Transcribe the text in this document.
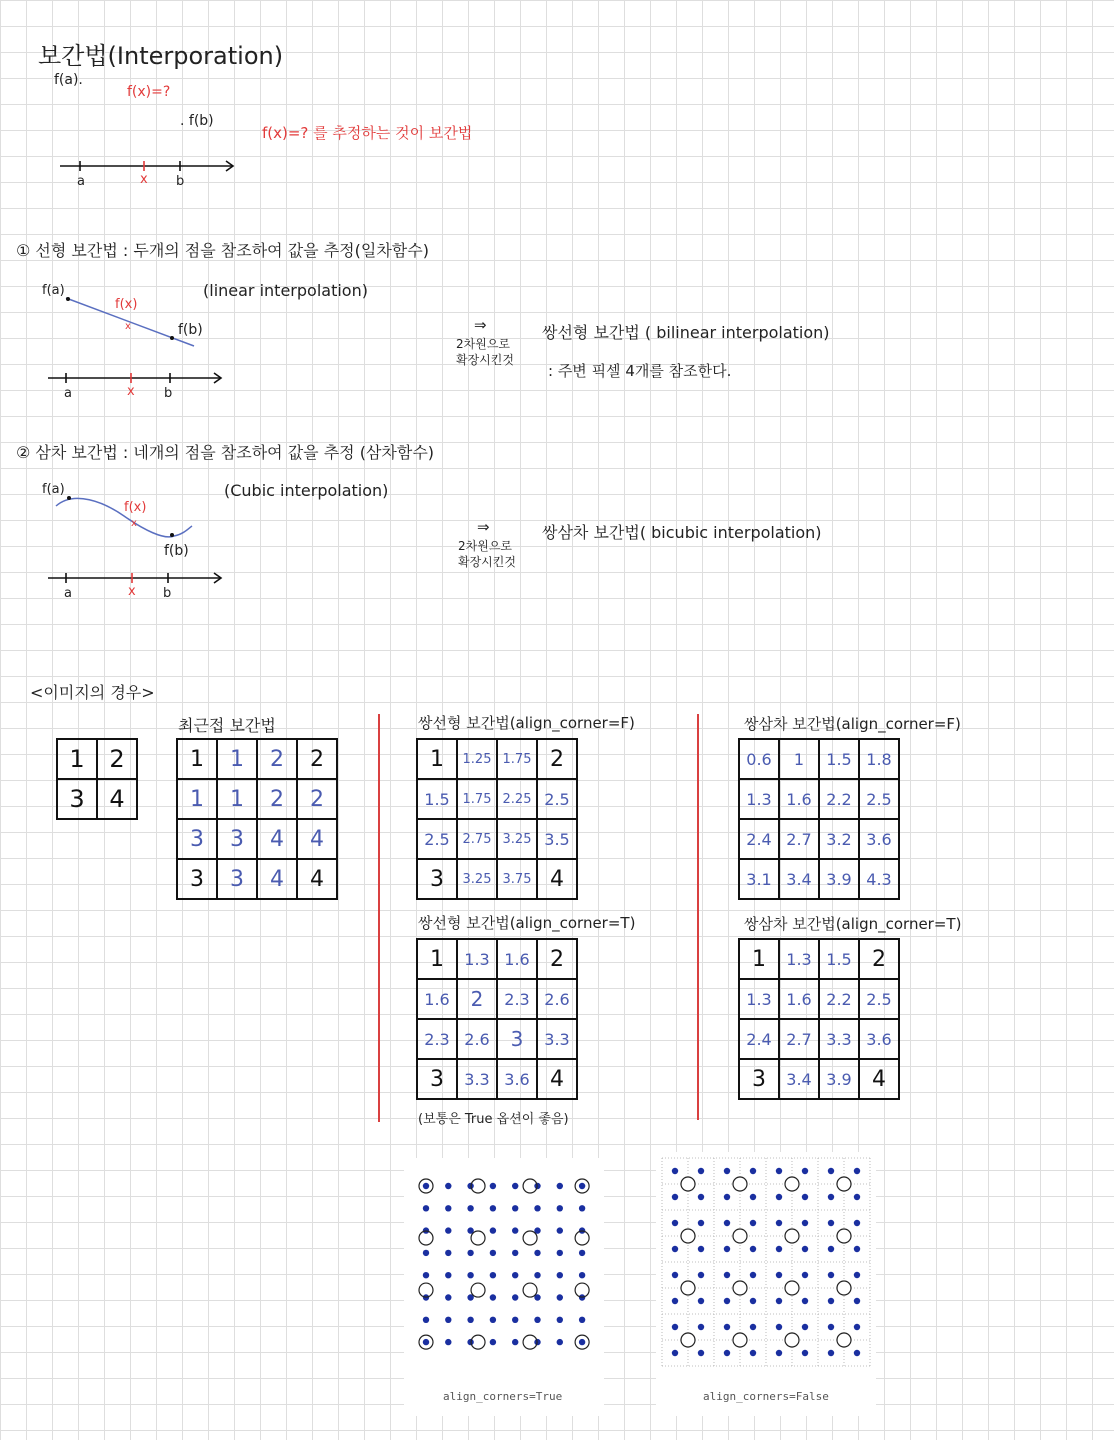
보간법(Interporation)
f(a).
f(x)=?
. f(b)
f(x)=? 를 추정하는 것이 보간법
a	x b
① 선형 보간법 : 두개의 점을 참조하여 값을 추정(일차함수)
(linear interpolation)
x
f(a)
f(x)
f(b)
a	x b
⇒
2차원으로
확장시킨것
쌍선형 보간법 ( bilinear interpolation)
: 주변 픽셀 4개를 참조한다.
② 삼차 보간법 : 네개의 점을 참조하여 값을 추정 (삼차함수)
(Cubic interpolation)
x
f(a)
f(x)
f(b)
a	x b
⇒
2차원으로
확장시킨것
쌍삼차 보간법( bicubic interpolation)
<이미지의 경우>
1	2
3	4
최근접 보간법
1	1	2	2
1	1	2	2
3	3	4	4
3	3	4	4
쌍선형 보간법(align_corner=F)
1	1.25	1.75	2
1.5	1.75	2.25	2.5
2.5	2.75	3.25	3.5
3	3.25	3.75	4
쌍선형 보간법(align_corner=T)
1	1.3	1.6	2
1.6	2	2.3	2.6
2.3	2.6	3	3.3
3	3.3	3.6	4
(보통은 True 옵션이 좋음)
쌍삼차 보간법(align_corner=F)
0.6	1	1.5	1.8
1.3	1.6	2.2	2.5
2.4	2.7	3.2	3.6
3.1	3.4	3.9	4.3
쌍삼차 보간법(align_corner=T)
1	1.3	1.5	2
1.3	1.6	2.2	2.5
2.4	2.7	3.3	3.6
3	3.4	3.9	4
align_corners=True	align_corners=False
